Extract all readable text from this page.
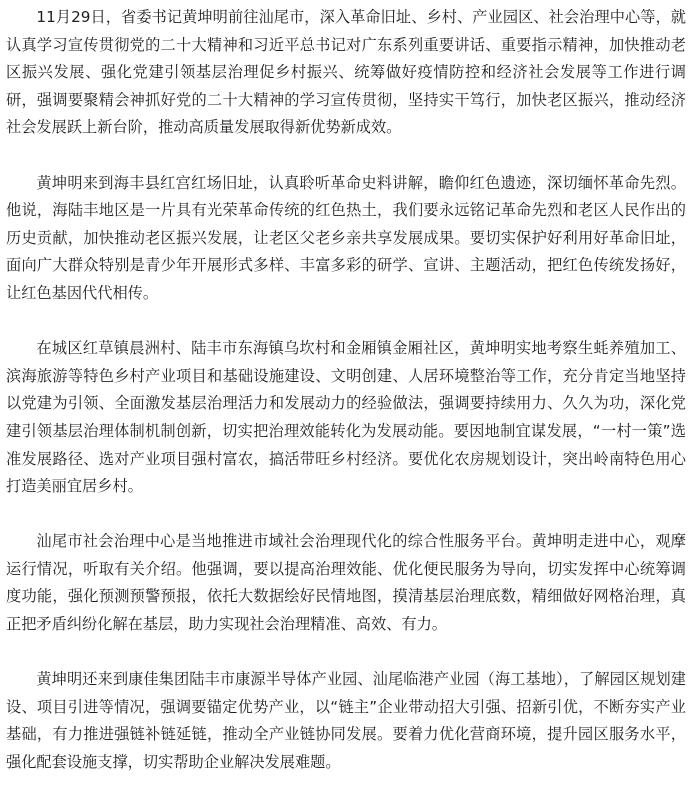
11月29日，省委书记黄坤明前往汕尾市，深入革命旧址、乡村、产业园区、社会治理中心等，就认真学习宣传贯彻党的二十大精神和习近平总书记对广东系列重要讲话、重要指示精神，加快推动老区振兴发展、强化党建引领基层治理促乡村振兴、统筹做好疫情防控和经济社会发展等工作进行调研，强调要聚精会神抓好党的二十大精神的学习宣传贯彻，坚持实干笃行，加快老区振兴，推动经济社会发展跃上新台阶，推动高质量发展取得新优势新成效。

黄坤明来到海丰县红宫红场旧址，认真聆听革命史料讲解，瞻仰红色遗迹，深切缅怀革命先烈。他说，海陆丰地区是一片具有光荣革命传统的红色热土，我们要永远铭记革命先烈和老区人民作出的历史贡献，加快推动老区振兴发展，让老区父老乡亲共享发展成果。要切实保护好利用好革命旧址，面向广大群众特别是青少年开展形式多样、丰富多彩的研学、宣讲、主题活动，把红色传统发扬好，让红色基因代代相传。

在城区红草镇晨洲村、陆丰市东海镇乌坎村和金厢镇金厢社区，黄坤明实地考察生蚝养殖加工、滨海旅游等特色乡村产业项目和基础设施建设、文明创建、人居环境整治等工作，充分肯定当地坚持以党建为引领、全面激发基层治理活力和发展动力的经验做法，强调要持续用力、久久为功，深化党建引领基层治理体制机制创新，切实把治理效能转化为发展动能。要因地制宜谋发展，“一村一策”选准发展路径、选对产业项目强村富农，搞活带旺乡村经济。要优化农房规划设计，突出岭南特色用心打造美丽宜居乡村。

汕尾市社会治理中心是当地推进市域社会治理现代化的综合性服务平台。黄坤明走进中心，观摩运行情况，听取有关介绍。他强调，要以提高治理效能、优化便民服务为导向，切实发挥中心统筹调度功能，强化预测预警预报，依托大数据绘好民情地图，摸清基层治理底数，精细做好网格治理，真正把矛盾纠纷化解在基层，助力实现社会治理精准、高效、有力。

黄坤明还来到康佳集团陆丰市康源半导体产业园、汕尾临港产业园（海工基地），了解园区规划建设、项目引进等情况，强调要锚定优势产业，以“链主”企业带动招大引强、招新引优，不断夯实产业基础，有力推进强链补链延链，推动全产业链协同发展。要着力优化营商环境，提升园区服务水平，强化配套设施支撑，切实帮助企业解决发展难题。
